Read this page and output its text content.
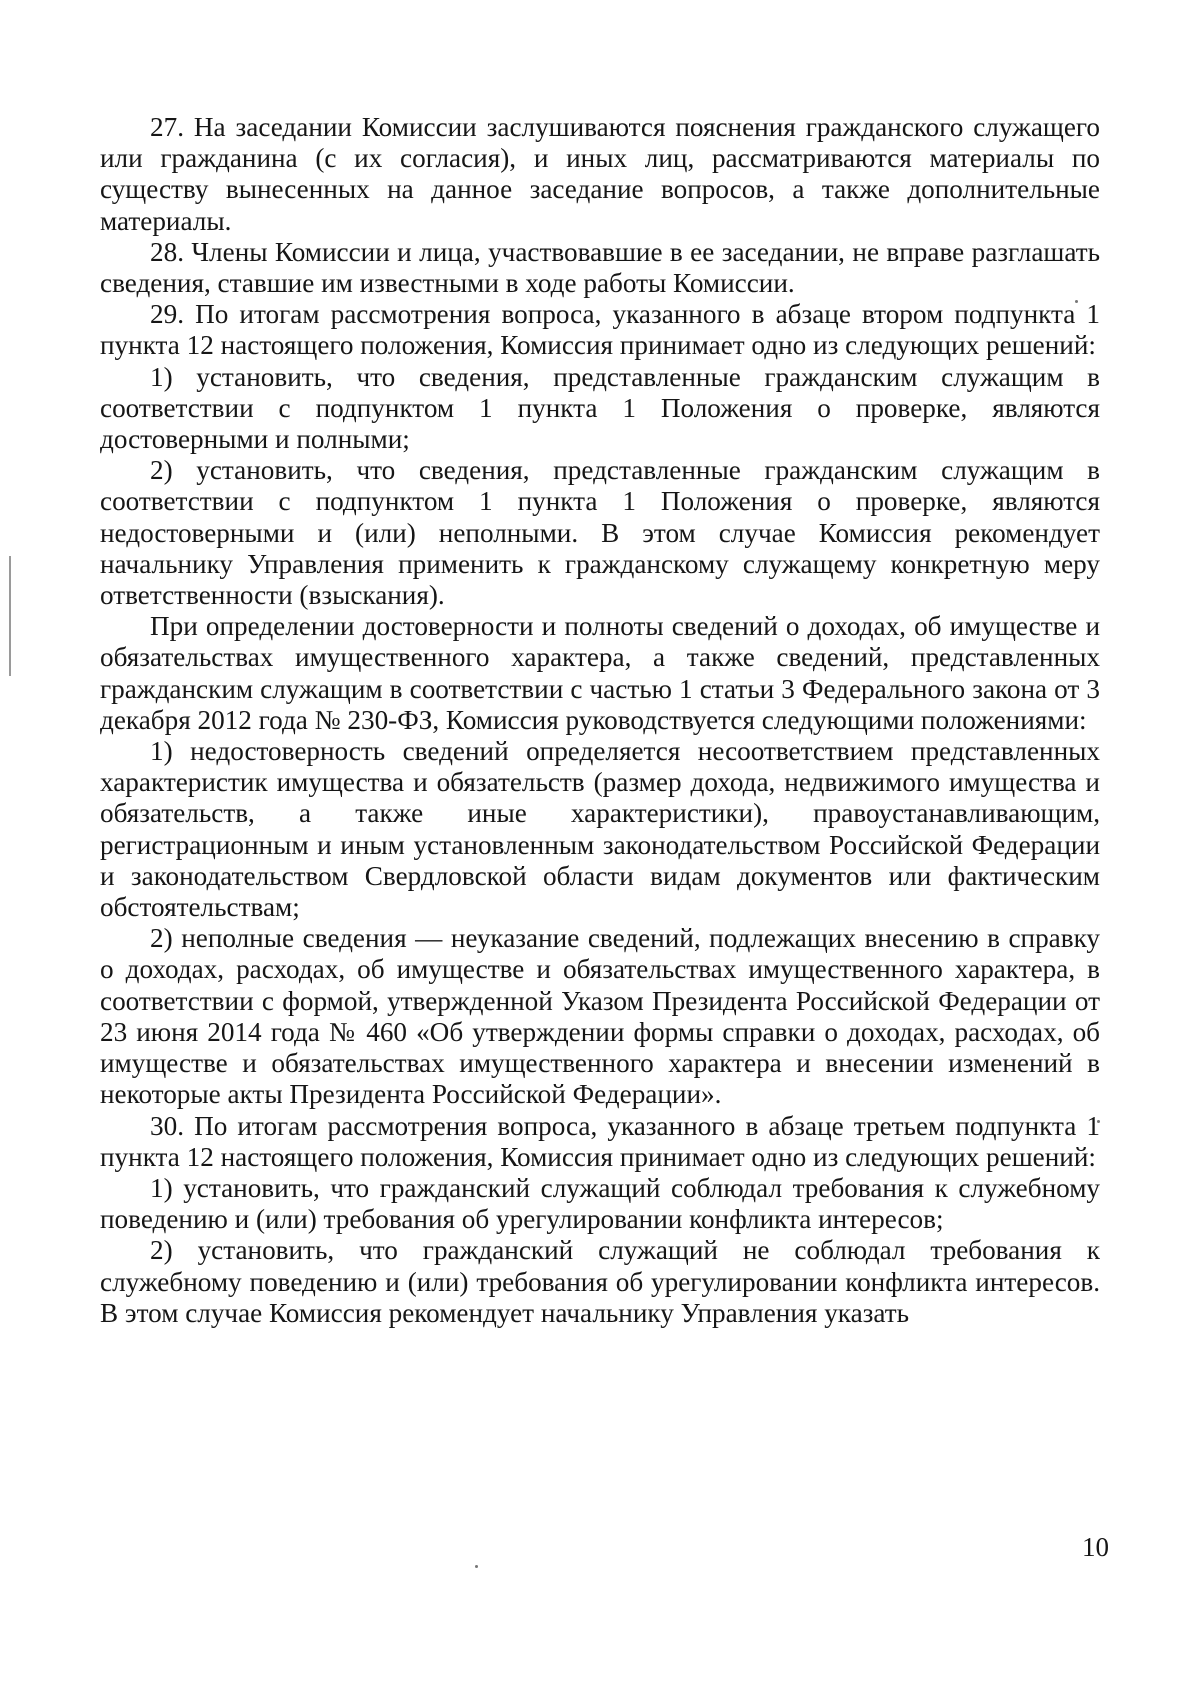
27. На заседании Комиссии заслушиваются пояснения гражданского служащего или гражданина (с их согласия), и иных лиц, рассматриваются материалы по существу вынесенных на данное заседание вопросов, а также дополнительные материалы.

28. Члены Комиссии и лица, участвовавшие в ее заседании, не вправе разглашать сведения, ставшие им известными в ходе работы Комиссии.

29. По итогам рассмотрения вопроса, указанного в абзаце втором подпункта 1 пункта 12 настоящего положения, Комиссия принимает одно из следующих решений:

1) установить, что сведения, представленные гражданским служащим в соответствии с подпунктом 1 пункта 1 Положения о проверке, являются достоверными и полными;

2) установить, что сведения, представленные гражданским служащим в соответствии с подпунктом 1 пункта 1 Положения о проверке, являются недостоверными и (или) неполными. В этом случае Комиссия рекомендует начальнику Управления применить к гражданскому служащему конкретную меру ответственности (взыскания).

При определении достоверности и полноты сведений о доходах, об имуществе и обязательствах имущественного характера, а также сведений, представленных гражданским служащим в соответствии с частью 1 статьи 3 Федерального закона от 3 декабря 2012 года № 230-ФЗ, Комиссия руководствуется следующими положениями:

1) недостоверность сведений определяется несоответствием представленных характеристик имущества и обязательств (размер дохода, недвижимого имущества и обязательств, а также иные характеристики), правоустанавливающим, регистрационным и иным установленным законодательством Российской Федерации и законодательством Свердловской области видам документов или фактическим обстоятельствам;

2) неполные сведения — неуказание сведений, подлежащих внесению в справку о доходах, расходах, об имуществе и обязательствах имущественного характера, в соответствии с формой, утвержденной Указом Президента Российской Федерации от 23 июня 2014 года № 460 «Об утверждении формы справки о доходах, расходах, об имуществе и обязательствах имущественного характера и внесении изменений в некоторые акты Президента Российской Федерации».

30. По итогам рассмотрения вопроса, указанного в абзаце третьем подпункта 1 пункта 12 настоящего положения, Комиссия принимает одно из следующих решений:

1) установить, что гражданский служащий соблюдал требования к служебному поведению и (или) требования об урегулировании конфликта интересов;

2) установить, что гражданский служащий не соблюдал требования к служебному поведению и (или) требования об урегулировании конфликта интересов. В этом случае Комиссия рекомендует начальнику Управления указать

10
